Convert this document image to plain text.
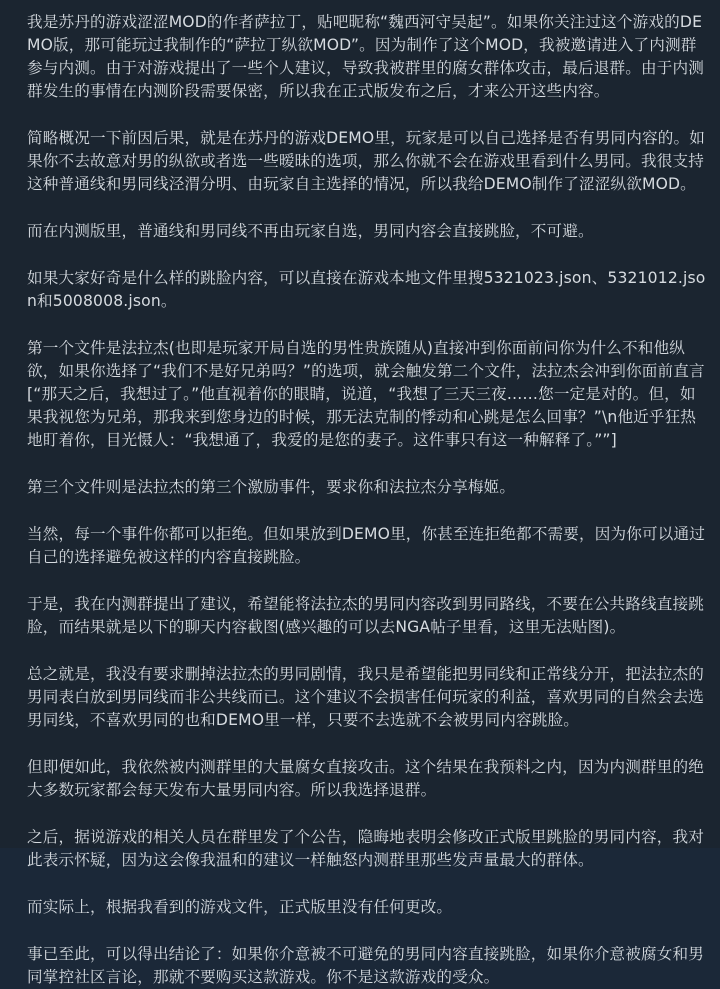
我是苏丹的游戏涩涩MOD的作者萨拉丁，贴吧昵称“魏西河守吴起”。如果你关注过这个游戏的DEMO版，那可能玩过我制作的“萨拉丁纵欲MOD”。因为制作了这个MOD，我被邀请进入了内测群参与内测。由于对游戏提出了一些个人建议，导致我被群里的腐女群体攻击，最后退群。由于内测群发生的事情在内测阶段需要保密，所以我在正式版发布之后，才来公开这些内容。

简略概况一下前因后果，就是在苏丹的游戏DEMO里，玩家是可以自己选择是否有男同内容的。如果你不去故意对男的纵欲或者选一些暧昧的选项，那么你就不会在游戏里看到什么男同。我很支持这种普通线和男同线泾渭分明、由玩家自主选择的情况，所以我给DEMO制作了涩涩纵欲MOD。

而在内测版里，普通线和男同线不再由玩家自选，男同内容会直接跳脸，不可避。

如果大家好奇是什么样的跳脸内容，可以直接在游戏本地文件里搜5321023.json、5321012.json和5008008.json。

第一个文件是法拉杰(也即是玩家开局自选的男性贵族随从)直接冲到你面前问你为什么不和他纵欲，如果你选择了“我们不是好兄弟吗？”的选项，就会触发第二个文件，法拉杰会冲到你面前直言[“那天之后，我想过了。”他直视着你的眼睛，说道，“我想了三天三夜……您一定是对的。但，如果我视您为兄弟，那我来到您身边的时候，那无法克制的悸动和心跳是怎么回事？”\n他近乎狂热地盯着你，目光慑人：“我想通了，我爱的是您的妻子。这件事只有这一种解释了。””]

第三个文件则是法拉杰的第三个激励事件，要求你和法拉杰分享梅姬。

当然，每一个事件你都可以拒绝。但如果放到DEMO里，你甚至连拒绝都不需要，因为你可以通过自己的选择避免被这样的内容直接跳脸。

于是，我在内测群提出了建议，希望能将法拉杰的男同内容改到男同路线，不要在公共路线直接跳脸，而结果就是以下的聊天内容截图(感兴趣的可以去NGA帖子里看，这里无法贴图)。

总之就是，我没有要求删掉法拉杰的男同剧情，我只是希望能把男同线和正常线分开，把法拉杰的男同表白放到男同线而非公共线而已。这个建议不会损害任何玩家的利益，喜欢男同的自然会去选男同线，不喜欢男同的也和DEMO里一样，只要不去选就不会被男同内容跳脸。

但即便如此，我依然被内测群里的大量腐女直接攻击。这个结果在我预料之内，因为内测群里的绝大多数玩家都会每天发布大量男同内容。所以我选择退群。

之后，据说游戏的相关人员在群里发了个公告，隐晦地表明会修改正式版里跳脸的男同内容，我对此表示怀疑，因为这会像我温和的建议一样触怒内测群里那些发声量最大的群体。

而实际上，根据我看到的游戏文件，正式版里没有任何更改。

事已至此，可以得出结论了：如果你介意被不可避免的男同内容直接跳脸，如果你介意被腐女和男同掌控社区言论，那就不要购买这款游戏。你不是这款游戏的受众。
